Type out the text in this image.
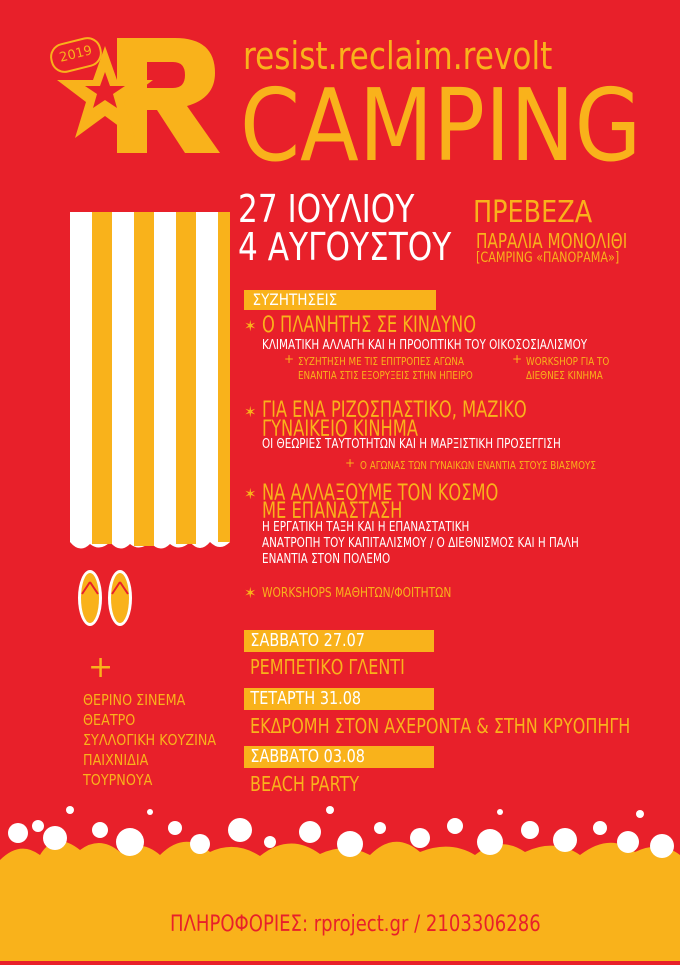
2019	resist.reclaim.revolt
CAMPING
27 ΙΟΥΛΙΟΥ
4 ΑΥΓΟΥΣΤΟΥ
ΠΡΕΒΕΖΑ
ΠΑΡΑΛΙΑ ΜΟΝΟΛΙΘΙ
[CAMPING «ΠΑΝΟΡΑΜΑ»]
ΣΥΖΗΤΗΣΕΙΣ
✶ Ο ΠΛΑΝΗΤΗΣ ΣΕ ΚΙΝΔΥΝΟ
ΚΛΙΜΑΤΙΚΗ ΑΛΛΑΓΗ ΚΑΙ Η ΠΡΟΟΠΤΙΚΗ ΤΟΥ ΟΙΚΟΣΟΣΙΑΛΙΣΜΟΥ
+ ΣΥΖΗΤΗΣΗ ΜΕ ΤΙΣ ΕΠΙΤΡΟΠΕΣ ΑΓΩΝΑ
ΕΝΑΝΤΙΑ ΣΤΙΣ ΕΞΟΡΥΞΕΙΣ ΣΤΗΝ ΗΠΕΙΡΟ
+ WORKSHOP ΓΙΑ ΤΟ
ΔΙΕΘΝΕΣ ΚΙΝΗΜΑ
✶ ΓΙΑ ΕΝΑ ΡΙΖΟΣΠΑΣΤΙΚΟ, ΜΑΖΙΚΟ
ΓΥΝΑΙΚΕΙΟ ΚΙΝΗΜΑ
ΟΙ ΘΕΩΡΙΕΣ ΤΑΥΤΟΤΗΤΩΝ ΚΑΙ Η ΜΑΡΞΙΣΤΙΚΗ ΠΡΟΣΕΓΓΙΣΗ
+ Ο ΑΓΩΝΑΣ ΤΩΝ ΓΥΝΑΙΚΩΝ ΕΝΑΝΤΙΑ ΣΤΟΥΣ ΒΙΑΣΜΟΥΣ
✶ ΝΑ ΑΛΛΑΞΟΥΜΕ ΤΟΝ ΚΟΣΜΟ
ΜΕ ΕΠΑΝΑΣΤΑΣΗ
Η ΕΡΓΑΤΙΚΗ ΤΑΞΗ ΚΑΙ Η ΕΠΑΝΑΣΤΑΤΙΚΗ
ΑΝΑΤΡΟΠΗ ΤΟΥ ΚΑΠΙΤΑΛΙΣΜΟΥ / Ο ΔΙΕΘΝΙΣΜΟΣ ΚΑΙ Η ΠΑΛΗ
ΕΝΑΝΤΙΑ ΣΤΟΝ ΠΟΛΕΜΟ
✶ WORKSHOPS ΜΑΘΗΤΩΝ/ΦΟΙΤΗΤΩΝ
ΣΑΒΒΑΤΟ 27.07
ΡΕΜΠΕΤΙΚΟ ΓΛΕΝΤΙ
ΤΕΤΑΡΤΗ 31.08
ΕΚΔΡΟΜΗ ΣΤΟΝ ΑΧΕΡΟΝΤΑ & ΣΤΗΝ ΚΡΥΟΠΗΓΗ
ΣΑΒΒΑΤΟ 03.08
BEACH PARTY
+
ΘΕΡΙΝΟ ΣΙΝΕΜΑ
ΘΕΑΤΡΟ
ΣΥΛΛΟΓΙΚΗ ΚΟΥΖΙΝΑ
ΠΑΙΧΝΙΔΙΑ
ΤΟΥΡΝΟΥΑ
ΠΛΗΡΟΦΟΡΙΕΣ: rproject.gr / 2103306286
